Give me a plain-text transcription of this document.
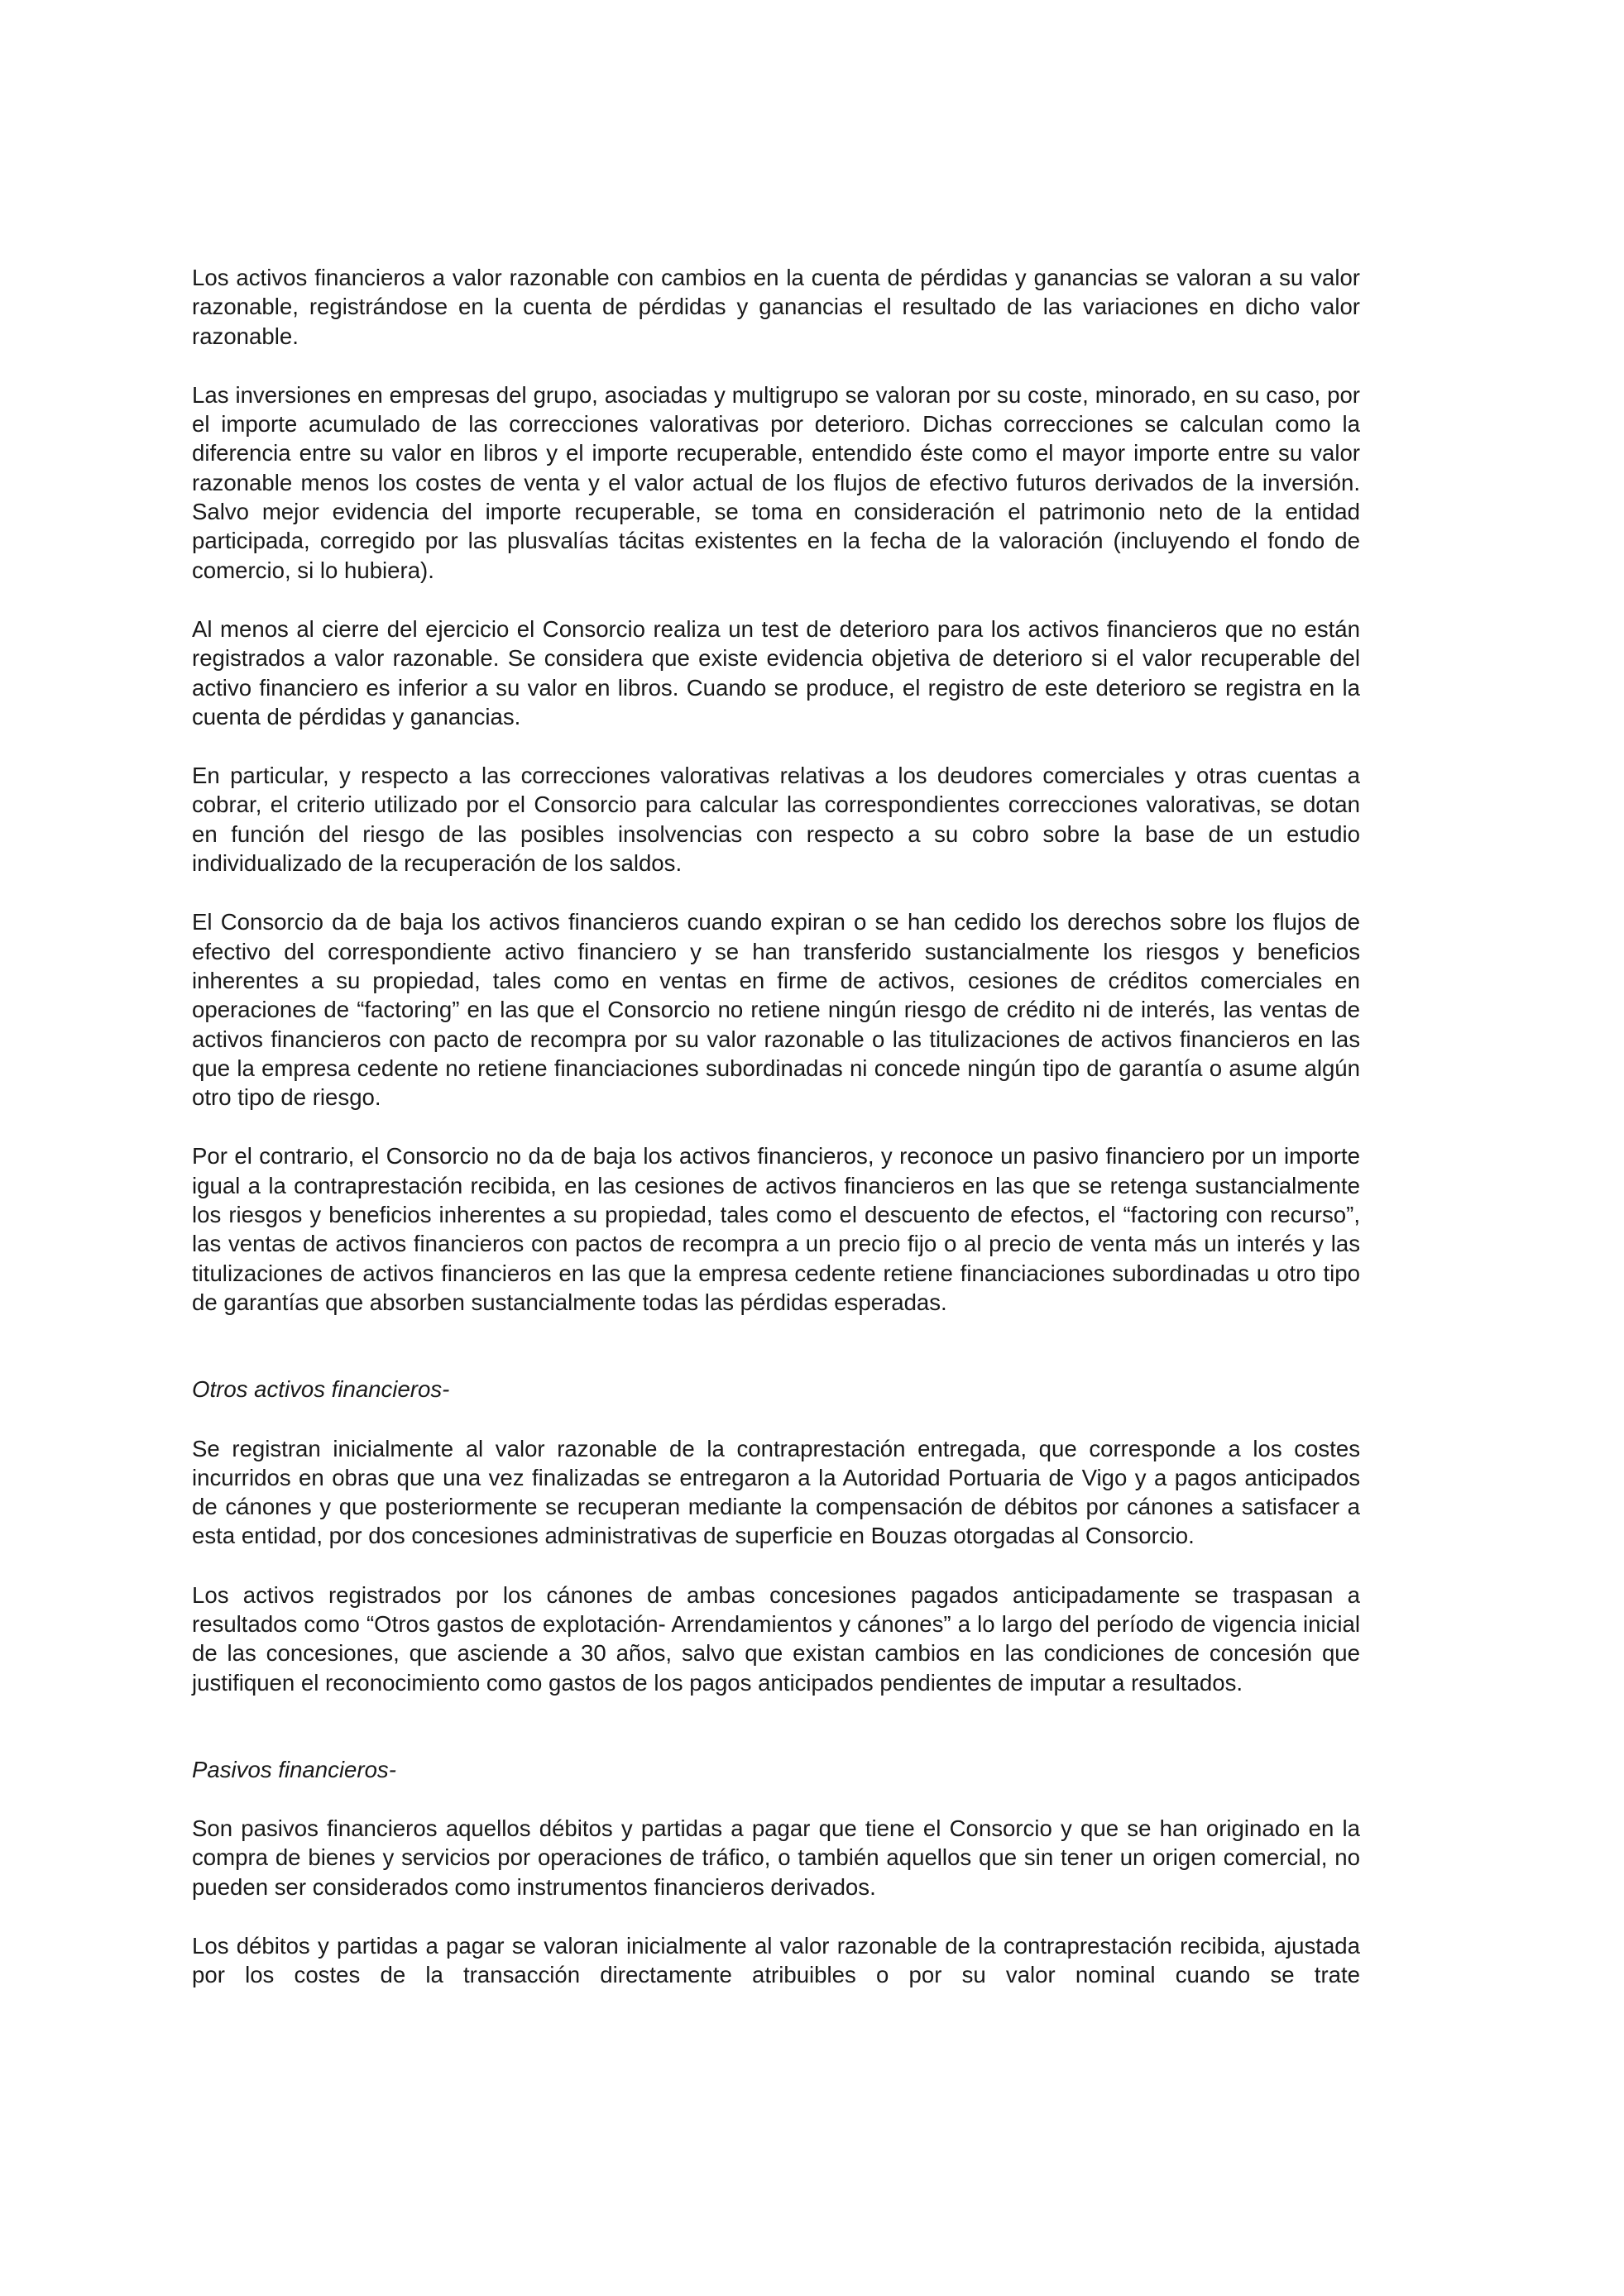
Los activos financieros a valor razonable con cambios en la cuenta de pérdidas y ganancias se valoran a su valor razonable, registrándose en la cuenta de pérdidas y ganancias el resultado de las variaciones en dicho valor razonable.

Las inversiones en empresas del grupo, asociadas y multigrupo se valoran por su coste, minorado, en su caso, por el importe acumulado de las correcciones valorativas por deterioro. Dichas correcciones se calculan como la diferencia entre su valor en libros y el importe recuperable, entendido éste como el mayor importe entre su valor razonable menos los costes de venta y el valor actual de los flujos de efectivo futuros derivados de la inversión. Salvo mejor evidencia del importe recuperable, se toma en consideración el patrimonio neto de la entidad participada, corregido por las plusvalías tácitas existentes en la fecha de la valoración (incluyendo el fondo de comercio, si lo hubiera).

Al menos al cierre del ejercicio el Consorcio realiza un test de deterioro para los activos financieros que no están registrados a valor razonable. Se considera que existe evidencia objetiva de deterioro si el valor recuperable del activo financiero es inferior a su valor en libros. Cuando se produce, el registro de este deterioro se registra en la cuenta de pérdidas y ganancias.

En particular, y respecto a las correcciones valorativas relativas a los deudores comerciales y otras cuentas a cobrar, el criterio utilizado por el Consorcio para calcular las correspondientes correcciones valorativas, se dotan en función del riesgo de las posibles insolvencias con respecto a su cobro sobre la base de un estudio individualizado de la recuperación de los saldos.

El Consorcio da de baja los activos financieros cuando expiran o se han cedido los derechos sobre los flujos de efectivo del correspondiente activo financiero y se han transferido sustancialmente los riesgos y beneficios inherentes a su propiedad, tales como en ventas en firme de activos, cesiones de créditos comerciales en operaciones de “factoring” en las que el Consorcio no retiene ningún riesgo de crédito ni de interés, las ventas de activos financieros con pacto de recompra por su valor razonable o las titulizaciones de activos financieros en las que la empresa cedente no retiene financiaciones subordinadas ni concede ningún tipo de garantía o asume algún otro tipo de riesgo.

Por el contrario, el Consorcio no da de baja los activos financieros, y reconoce un pasivo financiero por un importe igual a la contraprestación recibida, en las cesiones de activos financieros en las que se retenga sustancialmente los riesgos y beneficios inherentes a su propiedad, tales como el descuento de efectos, el “factoring con recurso”, las ventas de activos financieros con pactos de recompra a un precio fijo o al precio de venta más un interés y las titulizaciones de activos financieros en las que la empresa cedente retiene financiaciones subordinadas u otro tipo de garantías que absorben sustancialmente todas las pérdidas esperadas.

Otros activos financieros-

Se registran inicialmente al valor razonable de la contraprestación entregada, que corresponde a los costes incurridos en obras que una vez finalizadas se entregaron a la Autoridad Portuaria de Vigo y a pagos anticipados de cánones y que posteriormente se recuperan mediante la compensación de débitos por cánones a satisfacer a esta entidad, por dos concesiones administrativas de superficie en Bouzas otorgadas al Consorcio.

Los activos registrados por los cánones de ambas concesiones pagados anticipadamente se traspasan a resultados como “Otros gastos de explotación- Arrendamientos y cánones” a lo largo del período de vigencia inicial de las concesiones, que asciende a 30 años, salvo que existan cambios en las condiciones de concesión que justifiquen el reconocimiento como gastos de los pagos anticipados pendientes de imputar a resultados.

Pasivos financieros-

Son pasivos financieros aquellos débitos y partidas a pagar que tiene el Consorcio y que se han originado en la compra de bienes y servicios por operaciones de tráfico, o también aquellos que sin tener un origen comercial, no pueden ser considerados como instrumentos financieros derivados.

Los débitos y partidas a pagar se valoran inicialmente al valor razonable de la contraprestación recibida, ajustada por los costes de la transacción directamente atribuibles o por su valor nominal cuando se trate
